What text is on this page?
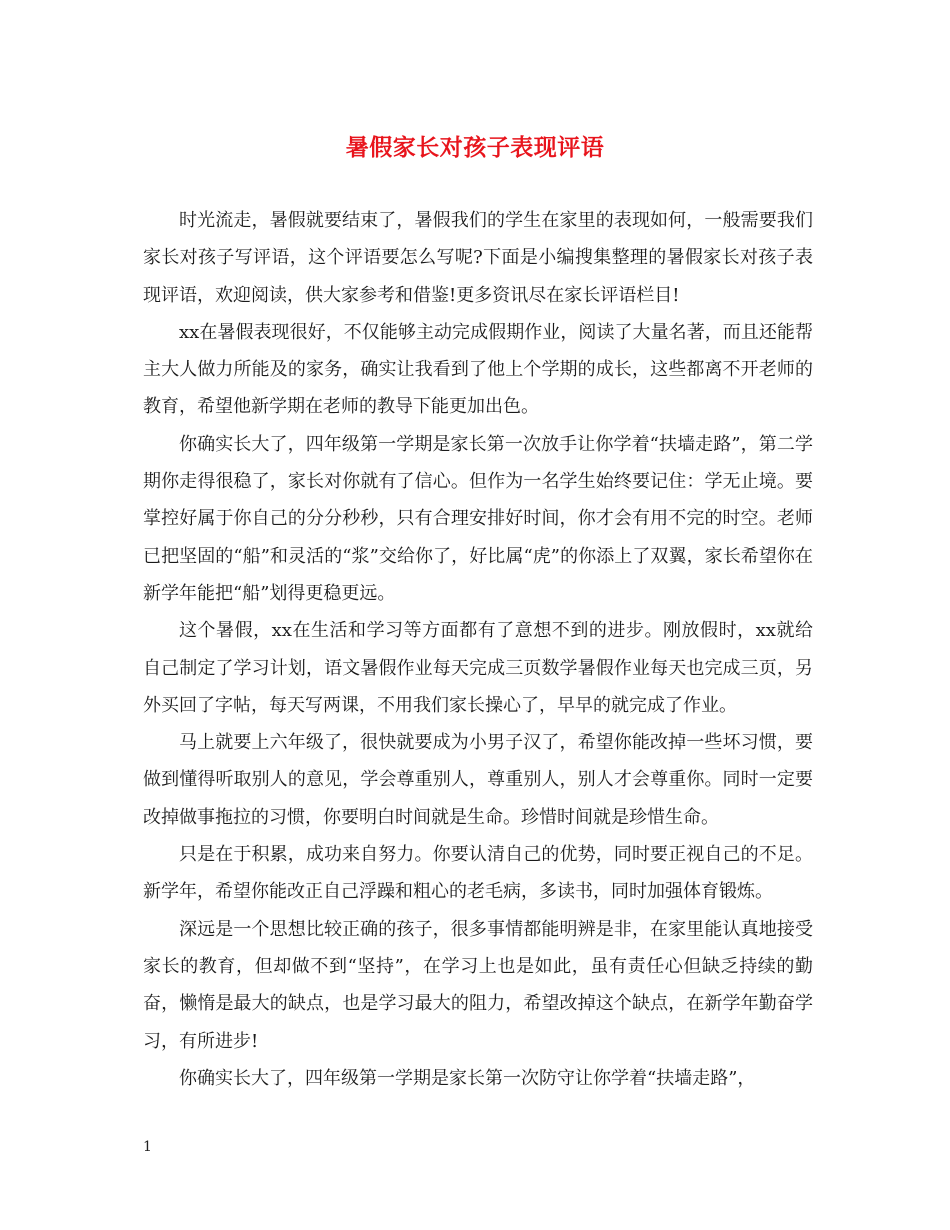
暑假家长对孩子表现评语

时光流走，暑假就要结束了，暑假我们的学生在家里的表现如何，一般需要我们家长对孩子写评语，这个评语要怎么写呢?下面是小编搜集整理的暑假家长对孩子表现评语，欢迎阅读，供大家参考和借鉴!更多资讯尽在家长评语栏目!

xx在暑假表现很好，不仅能够主动完成假期作业，阅读了大量名著，而且还能帮主大人做力所能及的家务，确实让我看到了他上个学期的成长，这些都离不开老师的教育，希望他新学期在老师的教导下能更加出色。

你确实长大了，四年级第一学期是家长第一次放手让你学着“扶墙走路”，第二学期你走得很稳了，家长对你就有了信心。但作为一名学生始终要记住：学无止境。要掌控好属于你自己的分分秒秒，只有合理安排好时间，你才会有用不完的时空。老师已把坚固的“船”和灵活的“浆”交给你了，好比属“虎”的你添上了双翼，家长希望你在新学年能把“船”划得更稳更远。

这个暑假，xx在生活和学习等方面都有了意想不到的进步。刚放假时，xx就给自己制定了学习计划，语文暑假作业每天完成三页数学暑假作业每天也完成三页，另外买回了字帖，每天写两课，不用我们家长操心了，早早的就完成了作业。

马上就要上六年级了，很快就要成为小男子汉了，希望你能改掉一些坏习惯，要做到懂得听取别人的意见，学会尊重别人，尊重别人，别人才会尊重你。同时一定要改掉做事拖拉的习惯，你要明白时间就是生命。珍惜时间就是珍惜生命。

只是在于积累，成功来自努力。你要认清自己的优势，同时要正视自己的不足。新学年，希望你能改正自己浮躁和粗心的老毛病，多读书，同时加强体育锻炼。

深远是一个思想比较正确的孩子，很多事情都能明辨是非，在家里能认真地接受家长的教育，但却做不到“坚持”，在学习上也是如此，虽有责任心但缺乏持续的勤奋，懒惰是最大的缺点，也是学习最大的阻力，希望改掉这个缺点，在新学年勤奋学习，有所进步!

你确实长大了，四年级第一学期是家长第一次防守让你学着“扶墙走路”，

1
